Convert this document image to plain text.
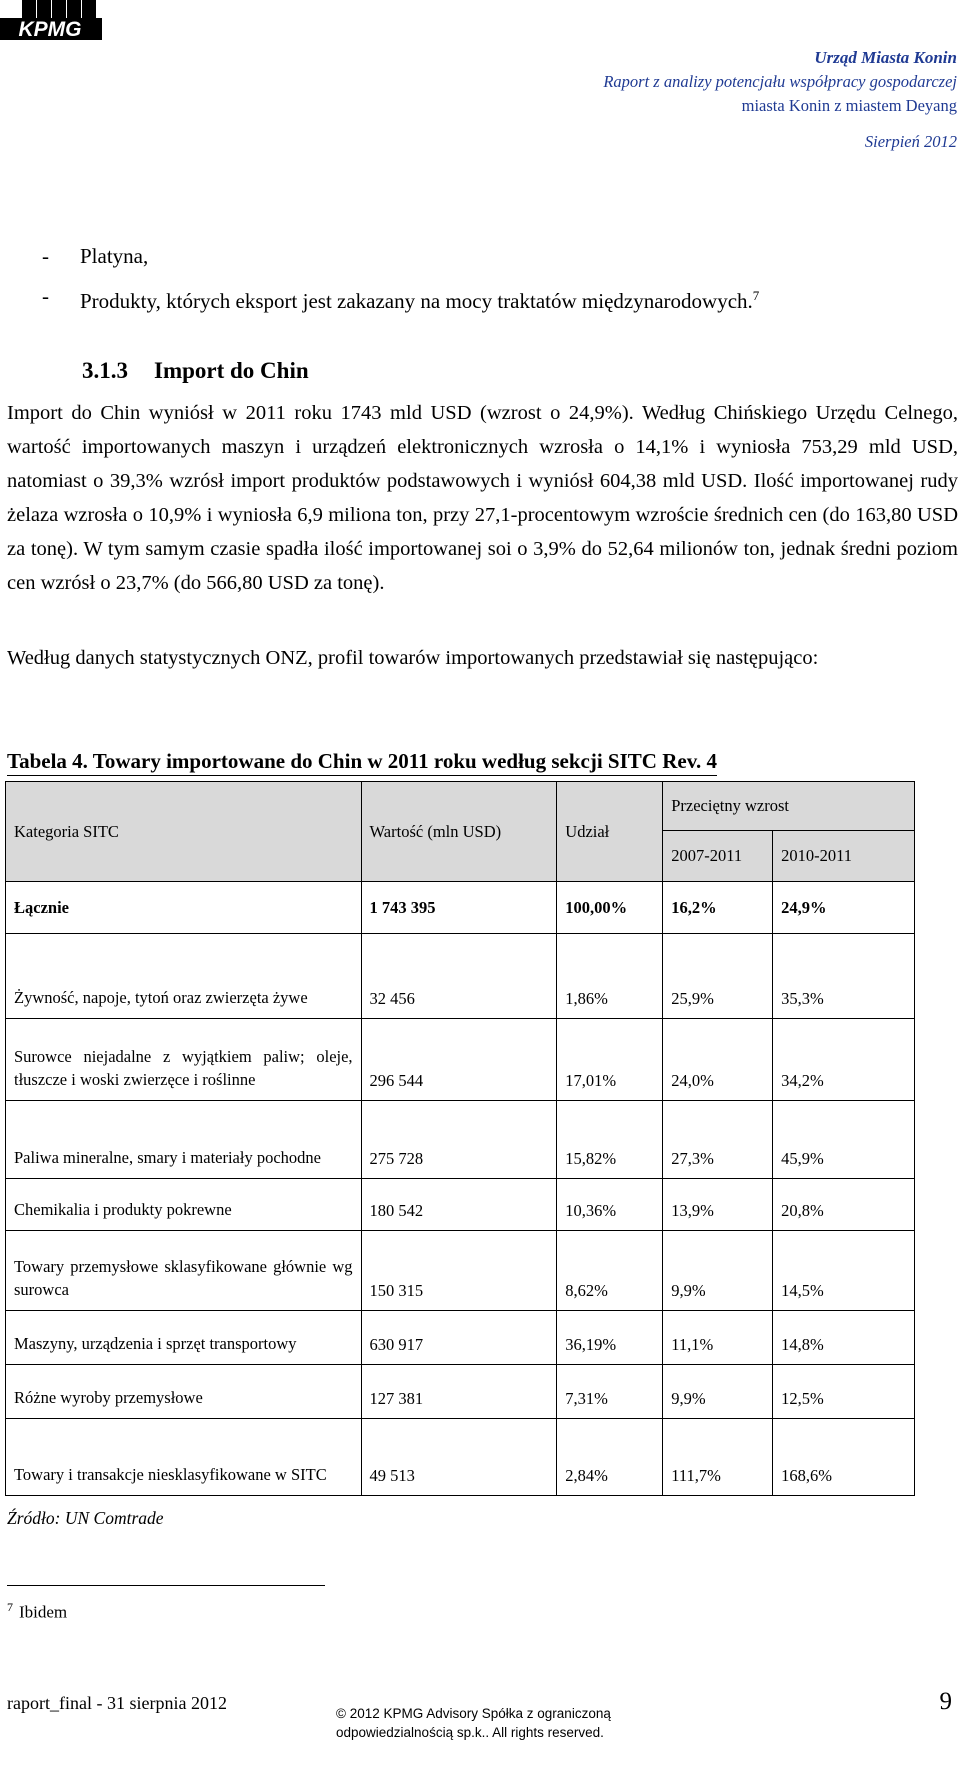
KPMG
Urząd Miasta Konin
Raport z analizy potencjału współpracy gospodarczej
miasta Konin z miastem Deyang
Sierpień 2012
- Platyna,
- Produkty, których eksport jest zakazany na mocy traktatów międzynarodowych.$^7$
3.1.3 Import do Chin
Import do Chin wyniósł w 2011 roku 1743 mld USD (wzrost o 24,9%). Według Chińskiego Urzędu Celnego, wartość importowanych maszyn i urządzeń elektronicznych wzrosła o 14,1% i wyniosła 753,29 mld USD, natomiast o 39,3% wzrósł import produktów podstawowych i wyniósł 604,38 mld USD. Ilość importowanej rudy żelaza wzrosła o 10,9% i wyniosła 6,9 miliona ton, przy 27,1-procentowym wzroście średnich cen (do 163,80 USD za tonę). W tym samym czasie spadła ilość importowanej soi o 3,9% do 52,64 milionów ton, jednak średni poziom cen wzrósł o 23,7% (do 566,80 USD za tonę).
Według danych statystycznych ONZ, profil towarów importowanych przedstawiał się następująco:
Tabela 4. Towary importowane do Chin w 2011 roku według sekcji SITC Rev. 4
Kategoria SITC	Wartość (mln USD)	Udział	Przeciętny wzrost	
			2007-2011	2010-2011
Łącznie	1 743 395	100,00%	16,2%	24,9%
Żywność, napoje, tytoń oraz zwierzęta żywe	32 456	1,86%	25,9%	35,3%
Surowce niejadalne z wyjątkiem paliw; oleje, tłuszcze i woski zwierzęce i roślinne	296 544	17,01%	24,0%	34,2%
Paliwa mineralne, smary i materiały pochodne	275 728	15,82%	27,3%	45,9%
Chemikalia i produkty pokrewne	180 542	10,36%	13,9%	20,8%
Towary przemysłowe sklasyfikowane głównie wg surowca	150 315	8,62%	9,9%	14,5%
Maszyny, urządzenia i sprzęt transportowy	630 917	36,19%	11,1%	14,8%
Różne wyroby przemysłowe	127 381	7,31%	9,9%	12,5%
Towary i transakcje niesklasyfikowane w SITC	49 513	2,84%	111,7%	168,6%
Źródło: UN Comtrade
$^7$ Ibidem
raport_final - 31 sierpnia 2012
© 2012 KPMG Advisory Spółka z ograniczoną
odpowiedzialnością sp.k.. All rights reserved.
9
